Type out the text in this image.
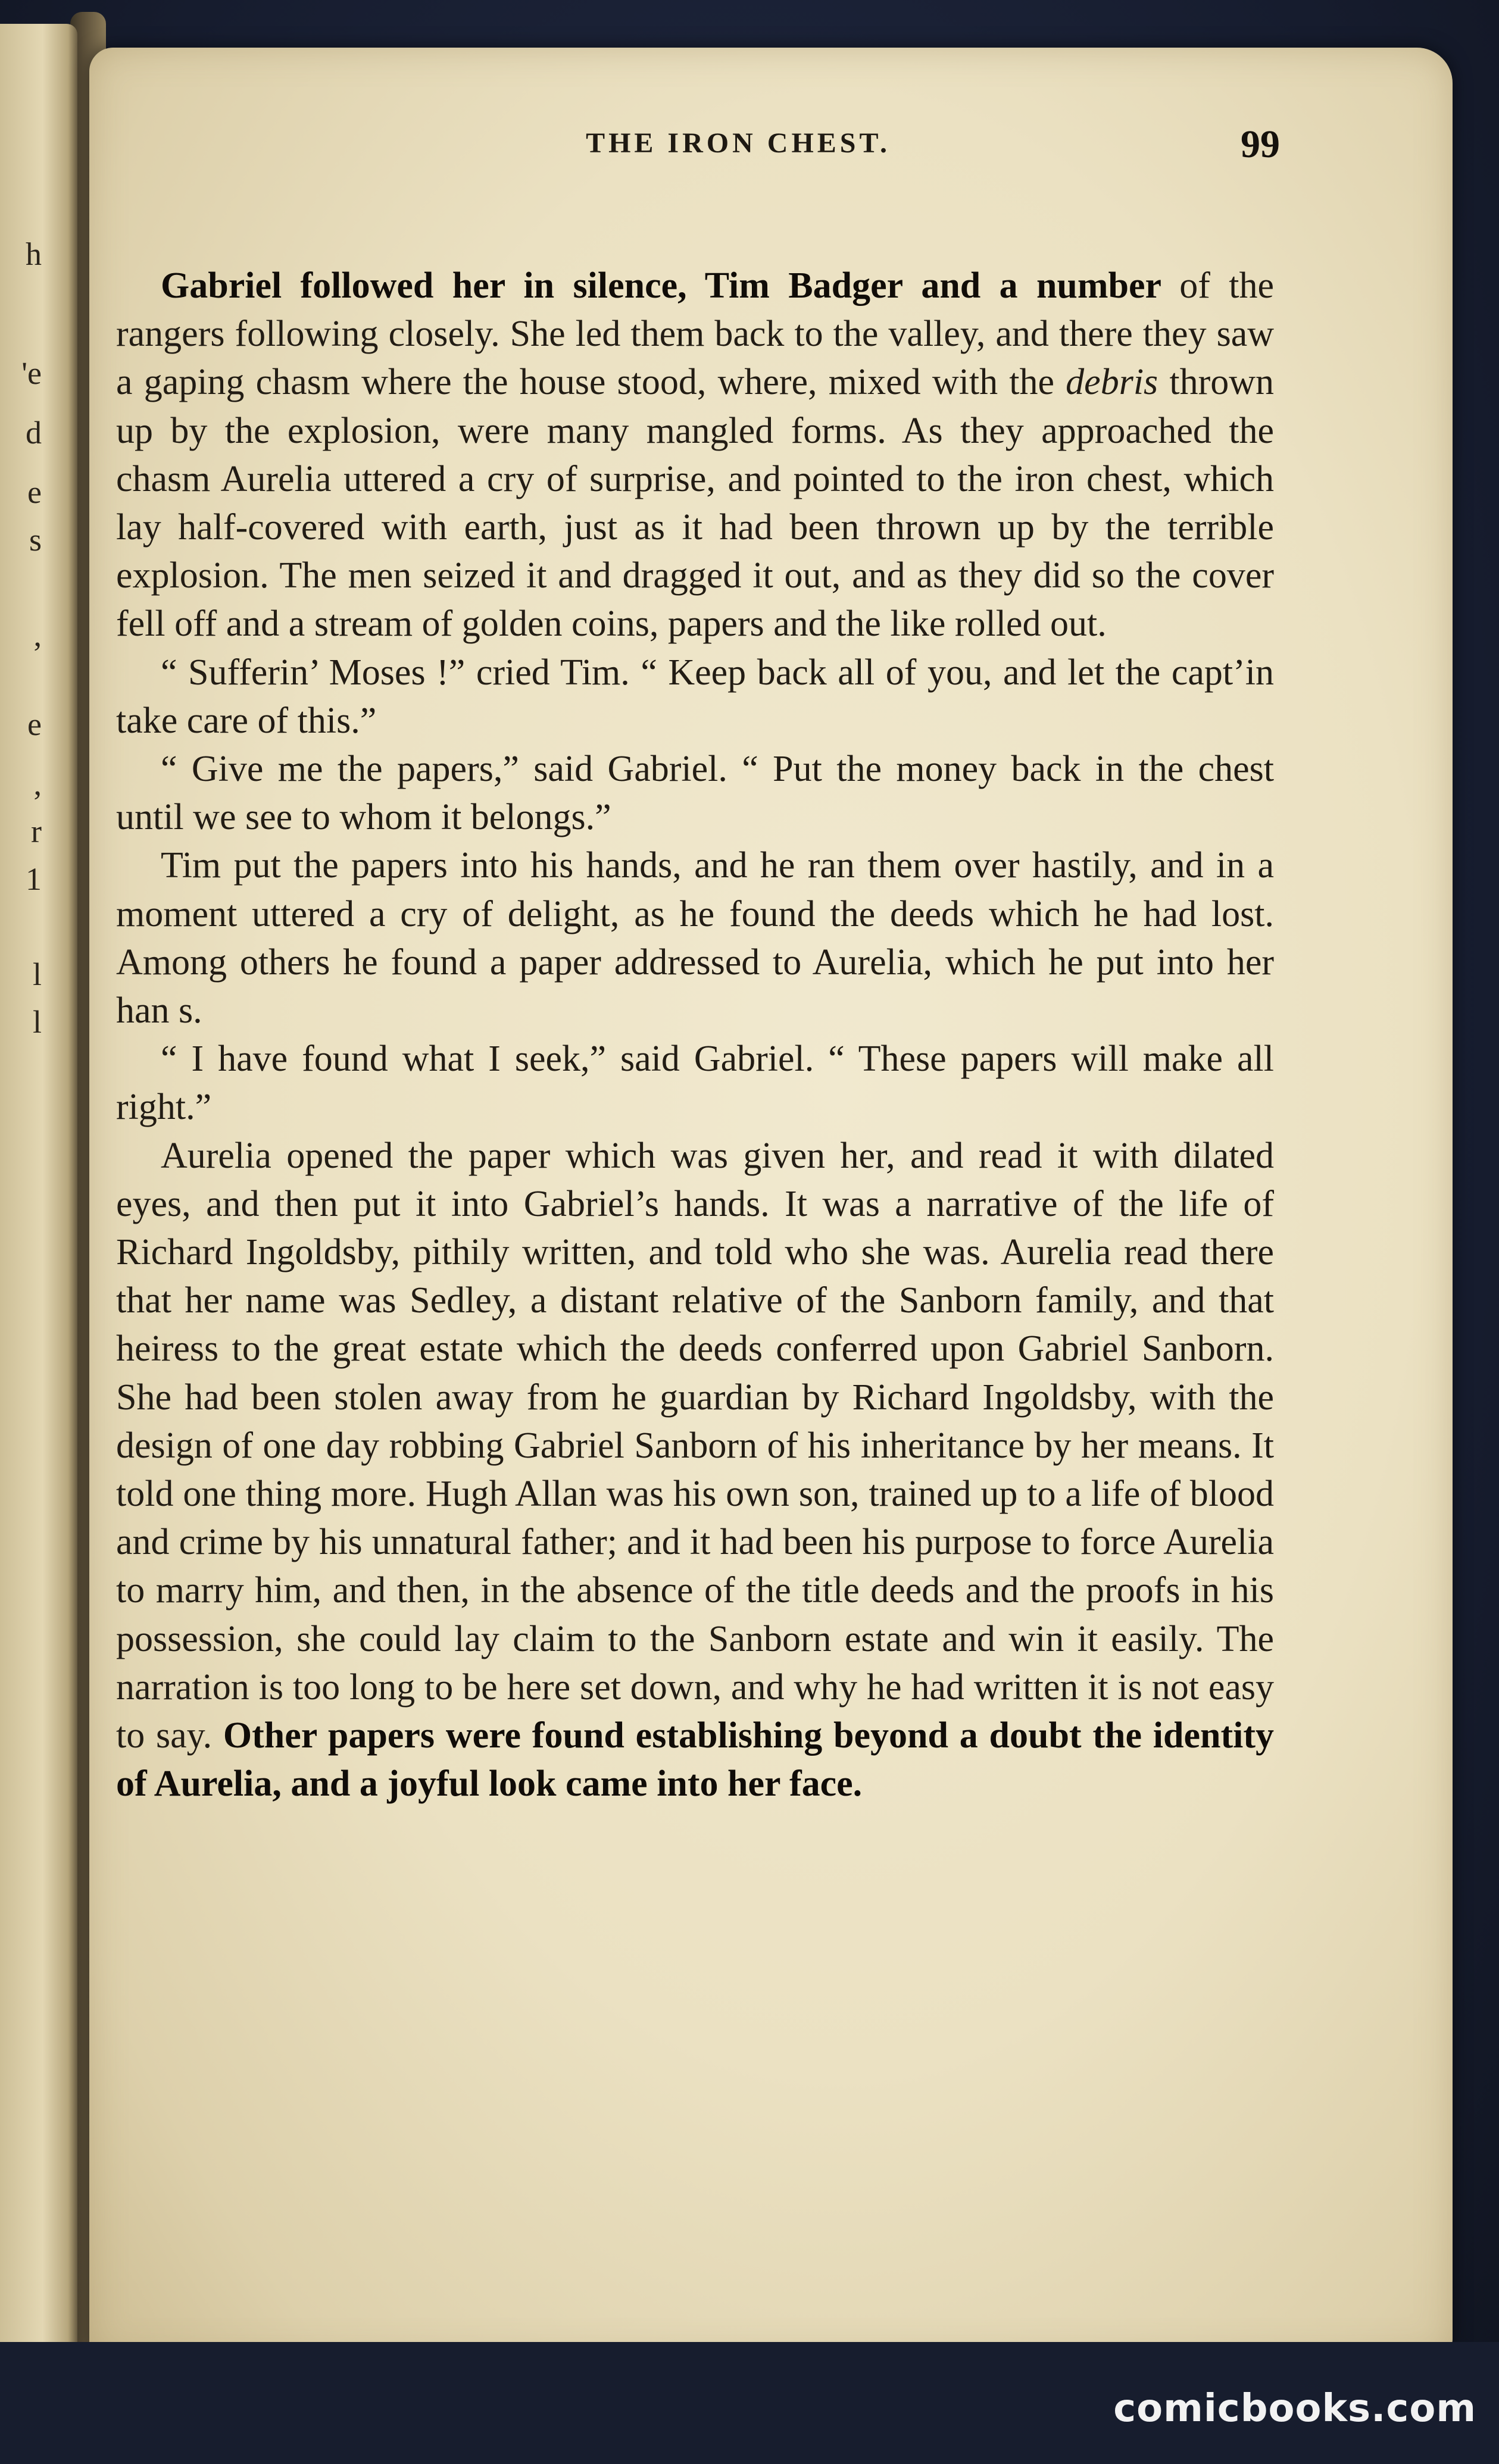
h
'e
d
e
s
,
e
,
r
1
l
l
THE IRON CHEST.	99

Gabriel followed her in silence, Tim Badger and a number of the rangers following closely. She led them back to the valley, and there they saw a gaping chasm where the house stood, where, mixed with the debris thrown up by the explosion, were many mangled forms. As they approached the chasm Aurelia uttered a cry of surprise, and pointed to the iron chest, which lay half-covered with earth, just as it had been thrown up by the terrible explosion. The men seized it and dragged it out, and as they did so the cover fell off and a stream of golden coins, papers and the like rolled out.

“ Sufferin’ Moses !” cried Tim. “ Keep back all of you, and let the capt’in take care of this.”

“ Give me the papers,” said Gabriel. “ Put the money back in the chest until we see to whom it belongs.”

Tim put the papers into his hands, and he ran them over hastily, and in a moment uttered a cry of delight, as he found the deeds which he had lost. Among others he found a paper addressed to Aurelia, which he put into her han s.

“ I have found what I seek,” said Gabriel. “ These papers will make all right.”

Aurelia opened the paper which was given her, and read it with dilated eyes, and then put it into Gabriel’s hands. It was a narrative of the life of Richard Ingoldsby, pithily written, and told who she was. Aurelia read there that her name was Sedley, a distant relative of the Sanborn family, and that heiress to the great estate which the deeds conferred upon Gabriel Sanborn. She had been stolen away from he guardian by Richard Ingoldsby, with the design of one day robbing Gabriel Sanborn of his inheritance by her means. It told one thing more. Hugh Allan was his own son, trained up to a life of blood and crime by his unnatural father; and it had been his purpose to force Aurelia to marry him, and then, in the absence of the title deeds and the proofs in his possession, she could lay claim to the Sanborn estate and win it easily. The narration is too long to be here set down, and why he had written it is not easy to say. Other papers were found establishing beyond a doubt the identity of Aurelia, and a joyful look came into her face.

comicbooks.com
